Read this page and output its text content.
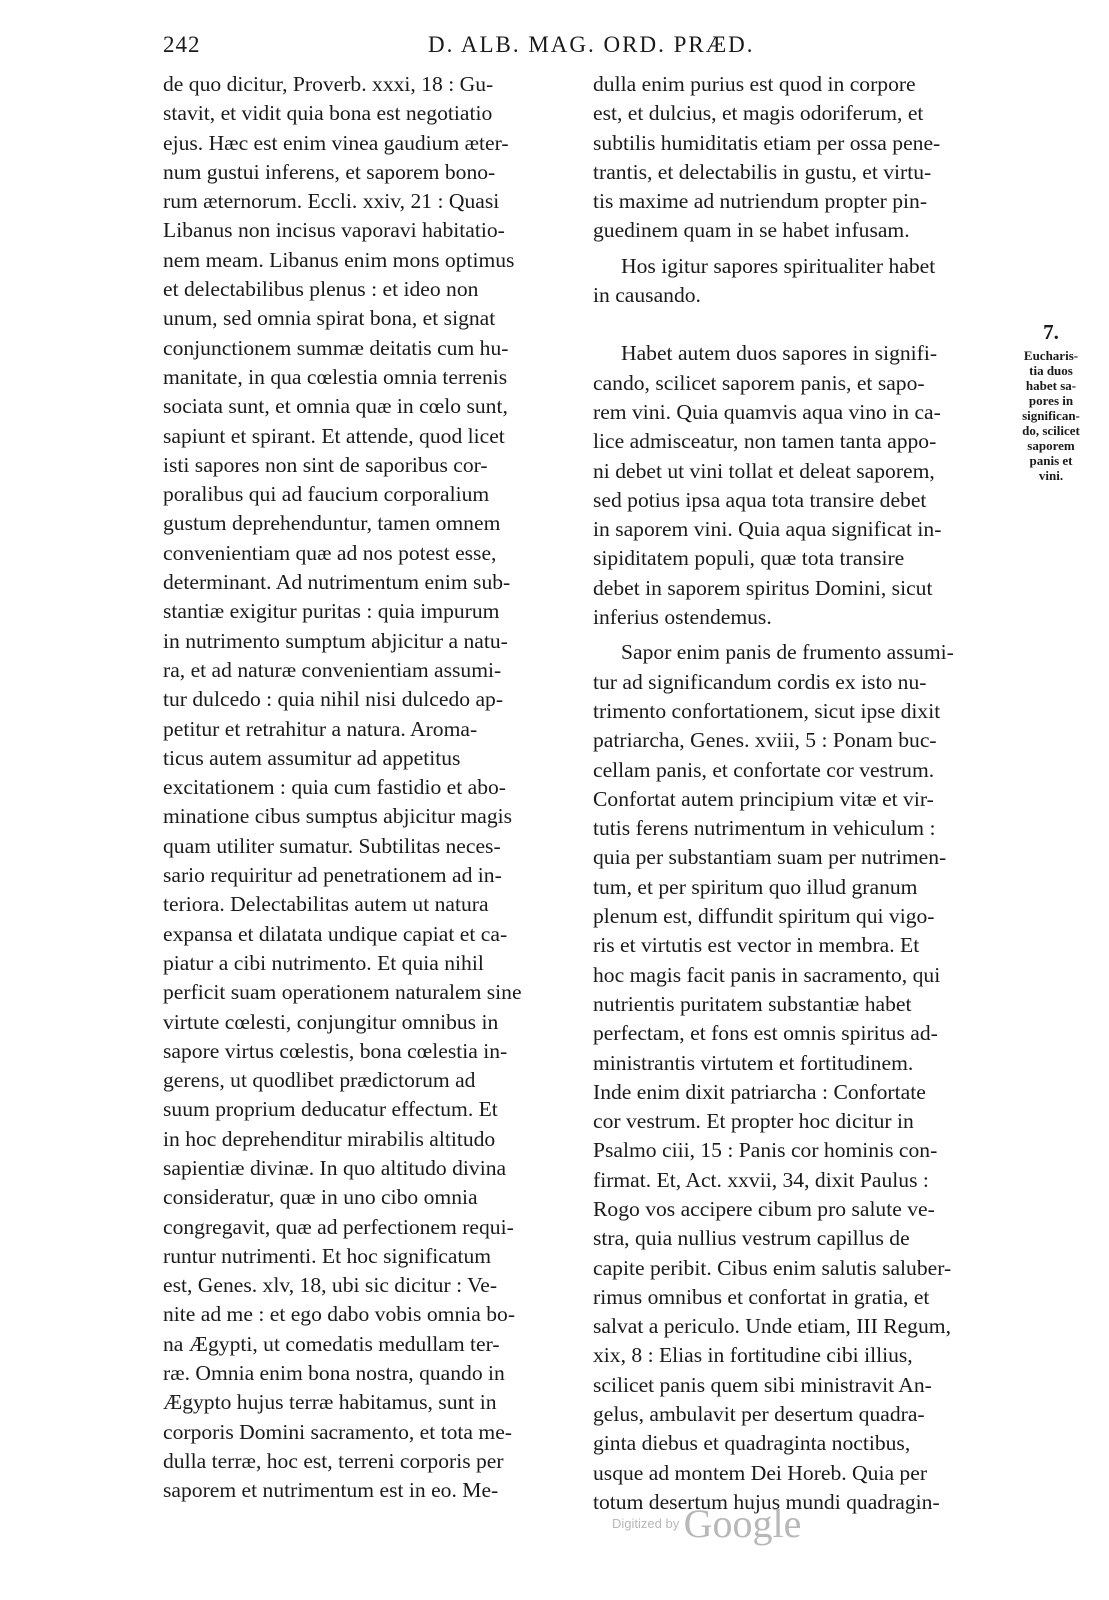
242	D. ALB. MAG. ORD. PRÆD.

de quo dicitur, Proverb. xxxi, 18 : Gu-
stavit, et vidit quia bona est negotiatio
ejus. Hæc est enim vinea gaudium æter-
num gustui inferens, et saporem bono-
rum æternorum. Eccli. xxiv, 21 : Quasi
Libanus non incisus vaporavi habitatio-
nem meam. Libanus enim mons optimus
et delectabilibus plenus : et ideo non
unum, sed omnia spirat bona, et signat
conjunctionem summæ deitatis cum hu-
manitate, in qua cœlestia omnia terrenis
sociata sunt, et omnia quæ in cœlo sunt,
sapiunt et spirant. Et attende, quod licet
isti sapores non sint de saporibus cor-
poralibus qui ad faucium corporalium
gustum deprehenduntur, tamen omnem
convenientiam quæ ad nos potest esse,
determinant. Ad nutrimentum enim sub-
stantiæ exigitur puritas : quia impurum
in nutrimento sumptum abjicitur a natu-
ra, et ad naturæ convenientiam assumi-
tur dulcedo : quia nihil nisi dulcedo ap-
petitur et retrahitur a natura. Aroma-
ticus autem assumitur ad appetitus
excitationem : quia cum fastidio et abo-
minatione cibus sumptus abjicitur magis
quam utiliter sumatur. Subtilitas neces-
sario requiritur ad penetrationem ad in-
teriora. Delectabilitas autem ut natura
expansa et dilatata undique capiat et ca-
piatur a cibi nutrimento. Et quia nihil
perficit suam operationem naturalem sine
virtute cœlesti, conjungitur omnibus in
sapore virtus cœlestis, bona cœlestia in-
gerens, ut quodlibet prædictorum ad
suum proprium deducatur effectum. Et
in hoc deprehenditur mirabilis altitudo
sapientiæ divinæ. In quo altitudo divina
consideratur, quæ in uno cibo omnia
congregavit, quæ ad perfectionem requi-
runtur nutrimenti. Et hoc significatum
est, Genes. xlv, 18, ubi sic dicitur : Ve-
nite ad me : et ego dabo vobis omnia bo-
na Ægypti, ut comedatis medullam ter-
ræ. Omnia enim bona nostra, quando in
Ægypto hujus terræ habitamus, sunt in
corporis Domini sacramento, et tota me-
dulla terræ, hoc est, terreni corporis per
saporem et nutrimentum est in eo. Me-

dulla enim purius est quod in corpore
est, et dulcius, et magis odoriferum, et
subtilis humiditatis etiam per ossa pene-
trantis, et delectabilis in gustu, et virtu-
tis maxime ad nutriendum propter pin-
guedinem quam in se habet infusam.

Hos igitur sapores spiritualiter habet
in causando.

Habet autem duos sapores in signifi-
cando, scilicet saporem panis, et sapo-
rem vini. Quia quamvis aqua vino in ca-
lice admisceatur, non tamen tanta appo-
ni debet ut vini tollat et deleat saporem,
sed potius ipsa aqua tota transire debet
in saporem vini. Quia aqua significat in-
sipiditatem populi, quæ tota transire
debet in saporem spiritus Domini, sicut
inferius ostendemus.

Sapor enim panis de frumento assumi-
tur ad significandum cordis ex isto nu-
trimento confortationem, sicut ipse dixit
patriarcha, Genes. xviii, 5 : Ponam buc-
cellam panis, et confortate cor vestrum.
Confortat autem principium vitæ et vir-
tutis ferens nutrimentum in vehiculum :
quia per substantiam suam per nutrimen-
tum, et per spiritum quo illud granum
plenum est, diffundit spiritum qui vigo-
ris et virtutis est vector in membra. Et
hoc magis facit panis in sacramento, qui
nutrientis puritatem substantiæ habet
perfectam, et fons est omnis spiritus ad-
ministrantis virtutem et fortitudinem.
Inde enim dixit patriarcha : Confortate
cor vestrum. Et propter hoc dicitur in
Psalmo ciii, 15 : Panis cor hominis con-
firmat. Et, Act. xxvii, 34, dixit Paulus :
Rogo vos accipere cibum pro salute ve-
stra, quia nullius vestrum capillus de
capite peribit. Cibus enim salutis saluber-
rimus omnibus et confortat in gratia, et
salvat a periculo. Unde etiam, III Regum,
xix, 8 : Elias in fortitudine cibi illius,
scilicet panis quem sibi ministravit An-
gelus, ambulavit per desertum quadra-
ginta diebus et quadraginta noctibus,
usque ad montem Dei Horeb. Quia per
totum desertum hujus mundi quadragin-

7.
Eucharis-
tia duos
habet sa-
pores in
significan-
do, scilicet
saporem
panis et
vini.
Digitized by Google
